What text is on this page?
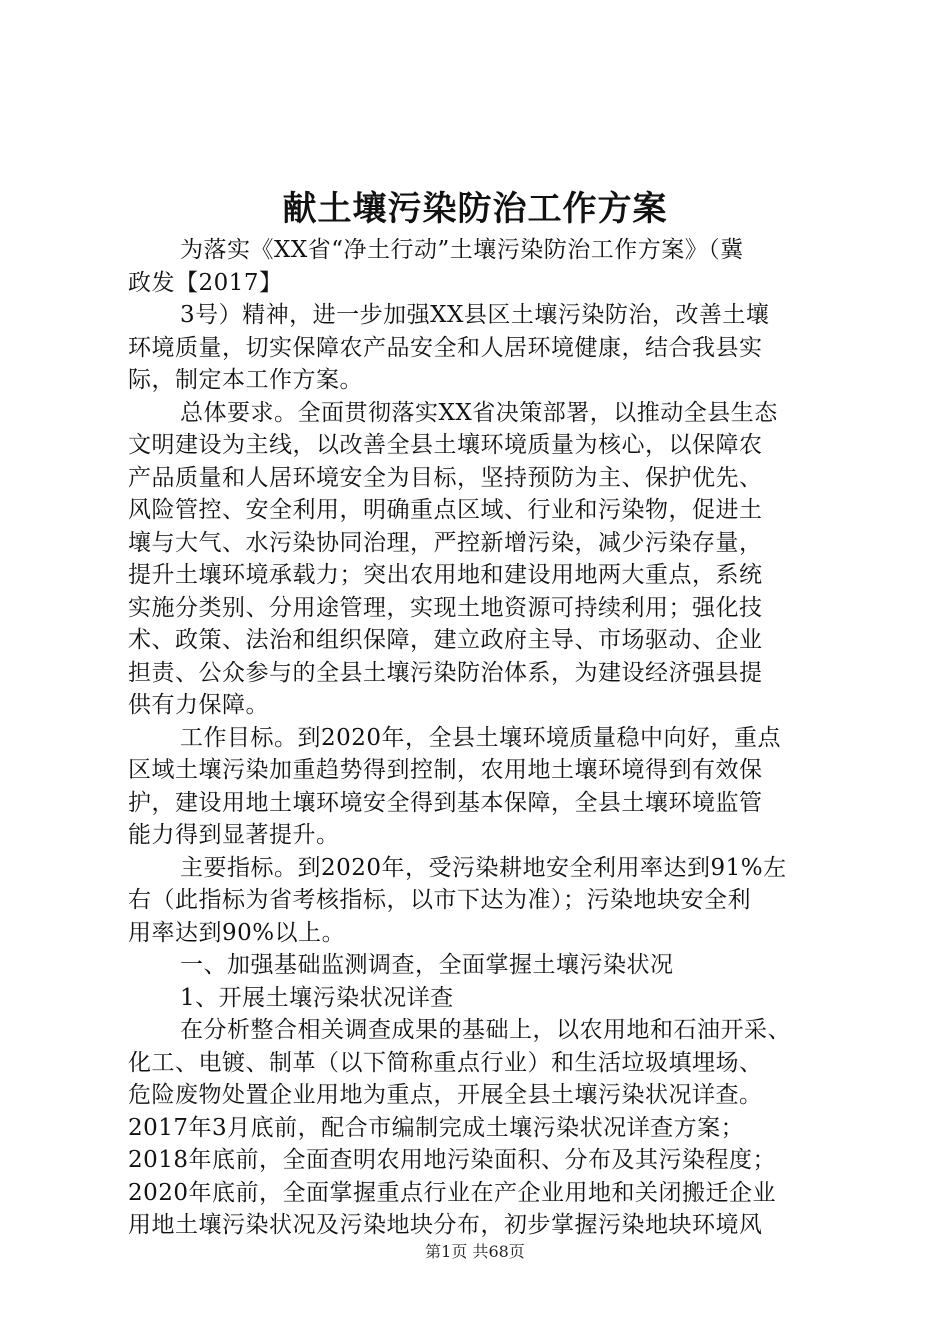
献土壤污染防治工作方案
为落实《XX省“净土行动”土壤污染防治工作方案》（冀
政发【2017】
3号）精神，进一步加强XX县区土壤污染防治，改善土壤
环境质量，切实保障农产品安全和人居环境健康，结合我县实
际，制定本工作方案。
总体要求。全面贯彻落实XX省决策部署，以推动全县生态
文明建设为主线，以改善全县土壤环境质量为核心，以保障农
产品质量和人居环境安全为目标，坚持预防为主、保护优先、
风险管控、安全利用，明确重点区域、行业和污染物，促进土
壤与大气、水污染协同治理，严控新增污染，减少污染存量，
提升土壤环境承载力；突出农用地和建设用地两大重点，系统
实施分类别、分用途管理，实现土地资源可持续利用；强化技
术、政策、法治和组织保障，建立政府主导、市场驱动、企业
担责、公众参与的全县土壤污染防治体系，为建设经济强县提
供有力保障。
工作目标。到2020年，全县土壤环境质量稳中向好，重点
区域土壤污染加重趋势得到控制，农用地土壤环境得到有效保
护，建设用地土壤环境安全得到基本保障，全县土壤环境监管
能力得到显著提升。
主要指标。到2020年，受污染耕地安全利用率达到91%左
右（此指标为省考核指标，以市下达为准）；污染地块安全利
用率达到90%以上。
一、加强基础监测调查，全面掌握土壤污染状况
1、开展土壤污染状况详查
在分析整合相关调查成果的基础上，以农用地和石油开采、
化工、电镀、制革（以下简称重点行业）和生活垃圾填埋场、
危险废物处置企业用地为重点，开展全县土壤污染状况详查。
2017年3月底前，配合市编制完成土壤污染状况详查方案；
2018年底前，全面查明农用地污染面积、分布及其污染程度；
2020年底前，全面掌握重点行业在产企业用地和关闭搬迁企业
用地土壤污染状况及污染地块分布，初步掌握污染地块环境风
第1页 共68页
